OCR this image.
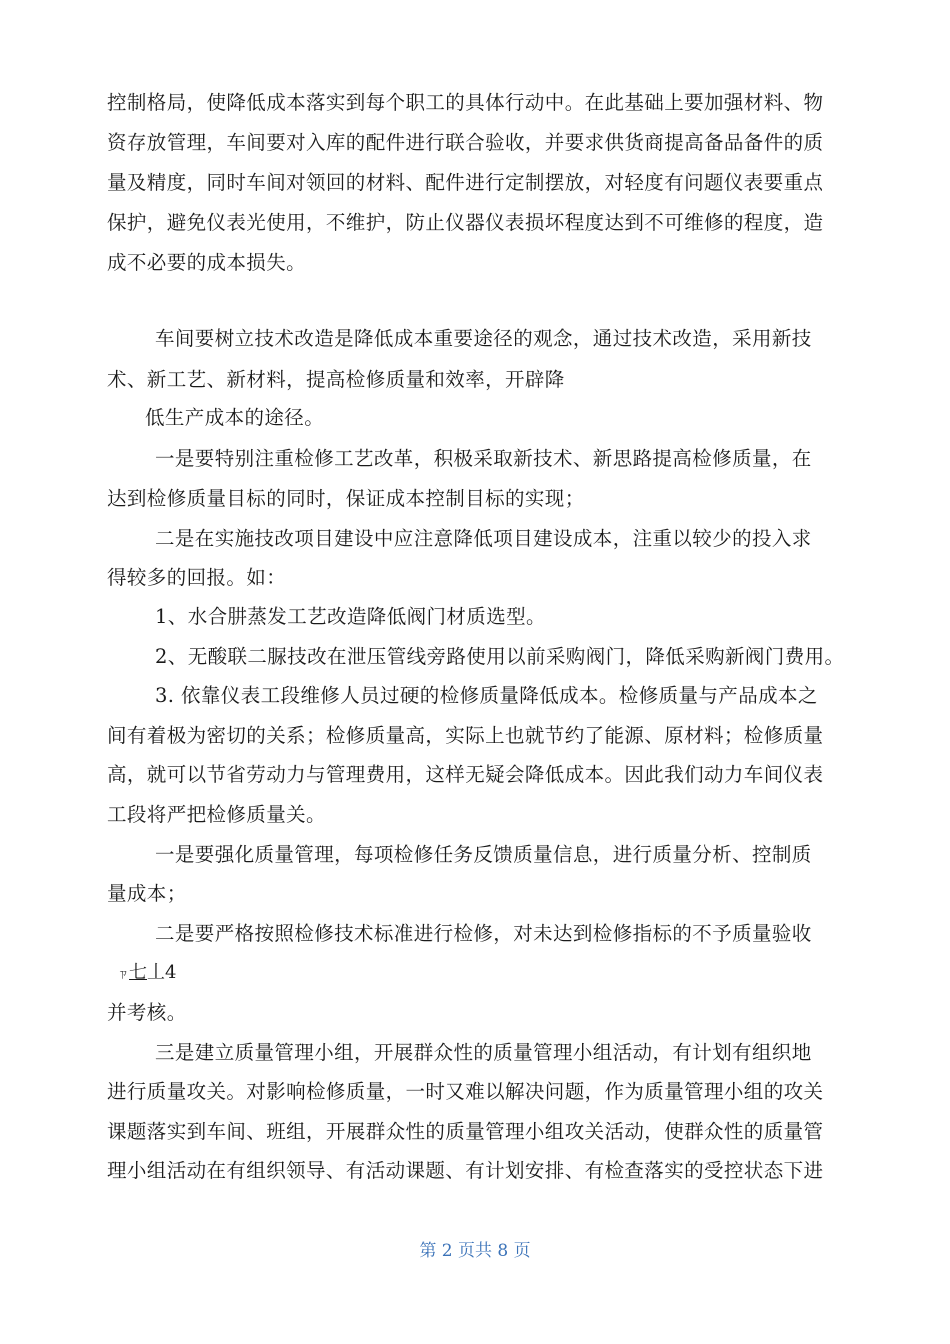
控制格局，使降低成本落实到每个职工的具体行动中。在此基础上要加强材料、物
资存放管理，车间要对入库的配件进行联合验收，并要求供货商提高备品备件的质
量及精度，同时车间对领回的材料、配件进行定制摆放，对轻度有问题仪表要重点
保护，避免仪表光使用，不维护，防止仪器仪表损坏程度达到不可维修的程度，造
成不必要的成本损失。
车间要树立技术改造是降低成本重要途径的观念，通过技术改造，采用新技
术、新工艺、新材料，提高检修质量和效率，开辟降
低生产成本的途径。
一是要特别注重检修工艺改革，积极采取新技术、新思路提高检修质量，在
达到检修质量目标的同时，保证成本控制目标的实现；
二是在实施技改项目建设中应注意降低项目建设成本，注重以较少的投入求
得较多的回报。如：
1、水合肼蒸发工艺改造降低阀门材质选型。
2、无酸联二脲技改在泄压管线旁路使用以前采购阀门，降低采购新阀门费用。
3. 依靠仪表工段维修人员过硬的检修质量降低成本。检修质量与产品成本之
间有着极为密切的关系；检修质量高，实际上也就节约了能源、原材料；检修质量
高，就可以节省劳动力与管理费用，这样无疑会降低成本。因此我们动力车间仪表
工段将严把检修质量关。
一是要强化质量管理，每项检修任务反馈质量信息，进行质量分析、控制质
量成本；
二是要严格按照检修技术标准进行检修，对未达到检修指标的不予质量验收
ㄗ七丄4
并考核。
三是建立质量管理小组，开展群众性的质量管理小组活动，有计划有组织地
进行质量攻关。对影响检修质量，一时又难以解决问题，作为质量管理小组的攻关
课题落实到车间、班组，开展群众性的质量管理小组攻关活动，使群众性的质量管
理小组活动在有组织领导、有活动课题、有计划安排、有检查落实的受控状态下进
第 2 页共 8 页
